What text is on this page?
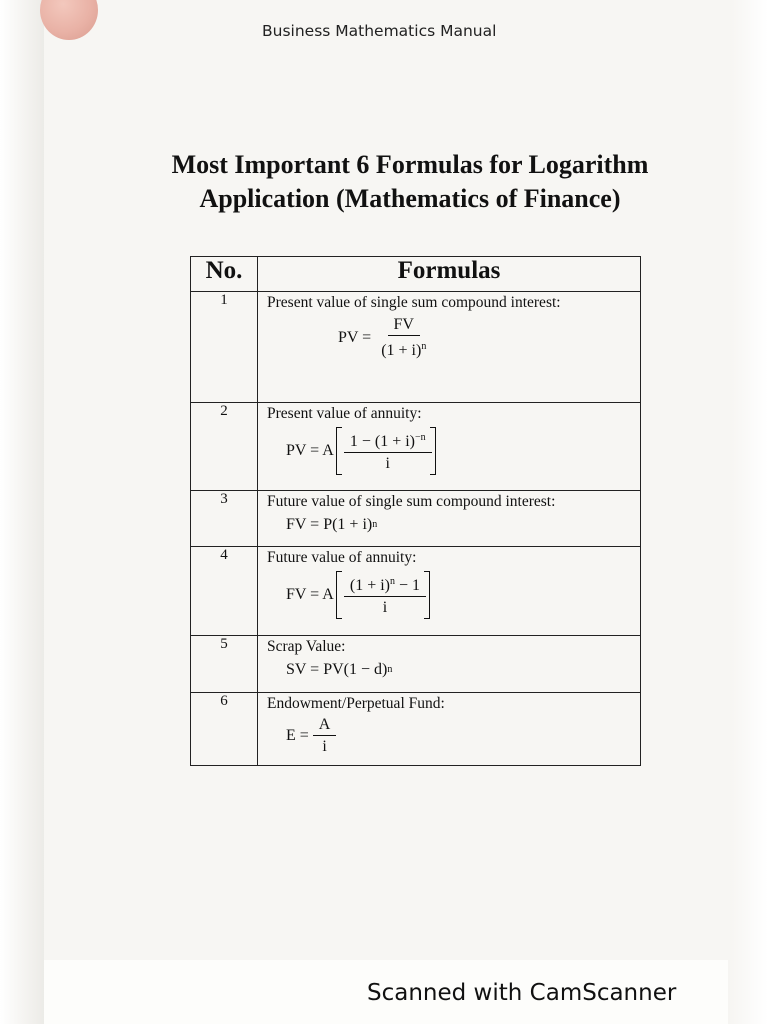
Business Mathematics Manual
Most Important 6 Formulas for Logarithm
Application (Mathematics of Finance)
No.	Formulas
1	Present value of single sum compound interest:
PV = $\frac{FV}{(1 + i)^n}$

2	Present value of annuity:
PV = A $\frac{1 - (1 + i)^{-n}}{i}$

3	Future value of single sum compound interest:
FV = P(1 + i) n

4	Future value of annuity:
FV = A $\frac{(1 + i)^n - 1}{i}$

5	Scrap Value:
SV = PV(1 − d) n

6	Endowment/Perpetual Fund:
$E = \frac{A}{i}$
Scanned with CamScanner
